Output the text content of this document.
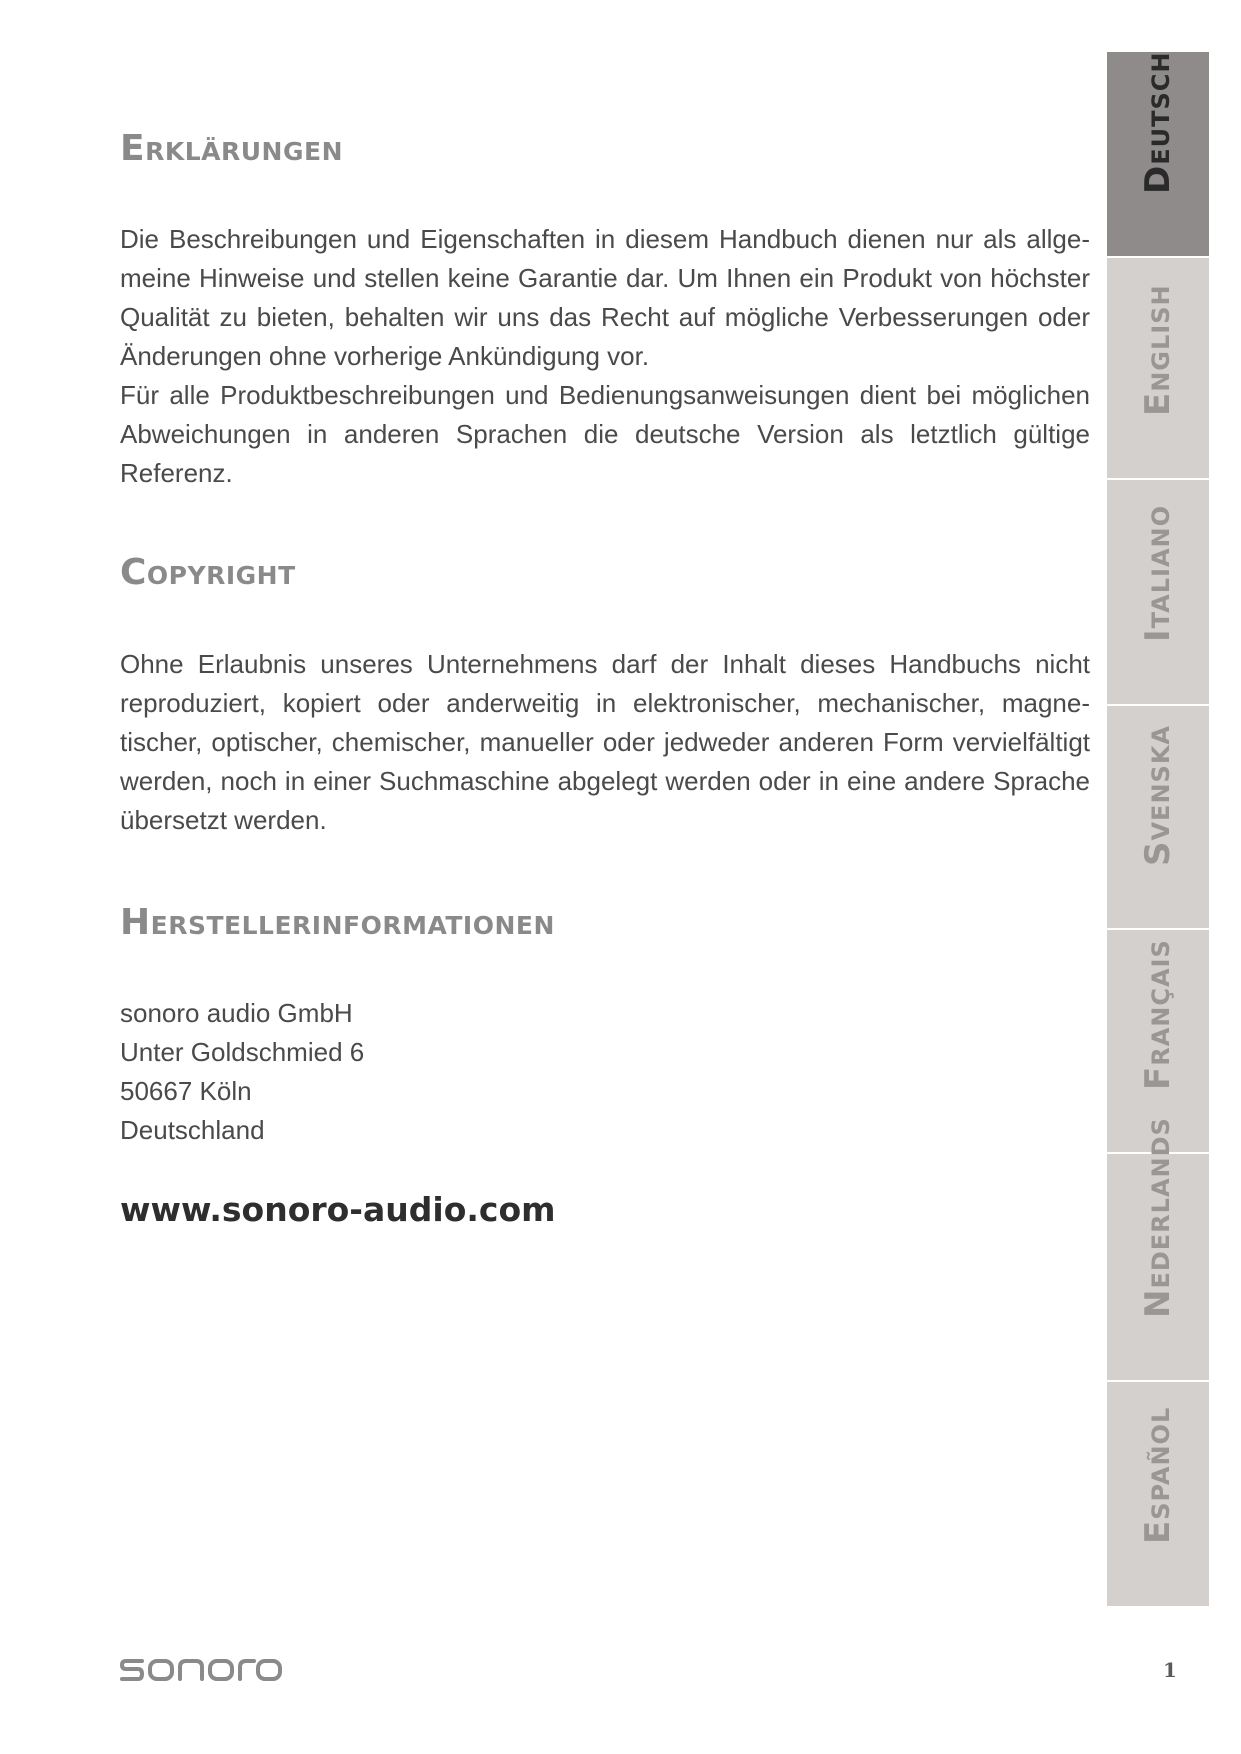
Erklärungen

Die Beschreibungen und Eigenschaften in diesem Handbuch dienen nur als allgemeine Hinweise und stellen keine Garantie dar. Um Ihnen ein Produkt von höchster Qualität zu bieten, behalten wir uns das Recht auf mögliche Verbesserungen oder Änderungen ohne vorherige Ankündigung vor.

Für alle Produktbeschreibungen und Bedienungsanweisungen dient bei möglichen Abweichungen in anderen Sprachen die deutsche Version als letztlich gültige Referenz.

Copyright

Ohne Erlaubnis unseres Unternehmens darf der Inhalt dieses Handbuchs nicht reproduziert, kopiert oder anderweitig in elektronischer, mechanischer, magnetischer, optischer, chemischer, manueller oder jedweder anderen Form vervielfältigt werden, noch in einer Suchmaschine abgelegt werden oder in eine andere Sprache übersetzt werden.

Herstellerinformationen
sonoro audio GmbH
Unter Goldschmied 6
50667 Köln
Deutschland
www.sonoro-audio.com
Deutsch
English
Italiano
Svenska
Français
Nederlands
Español
1
